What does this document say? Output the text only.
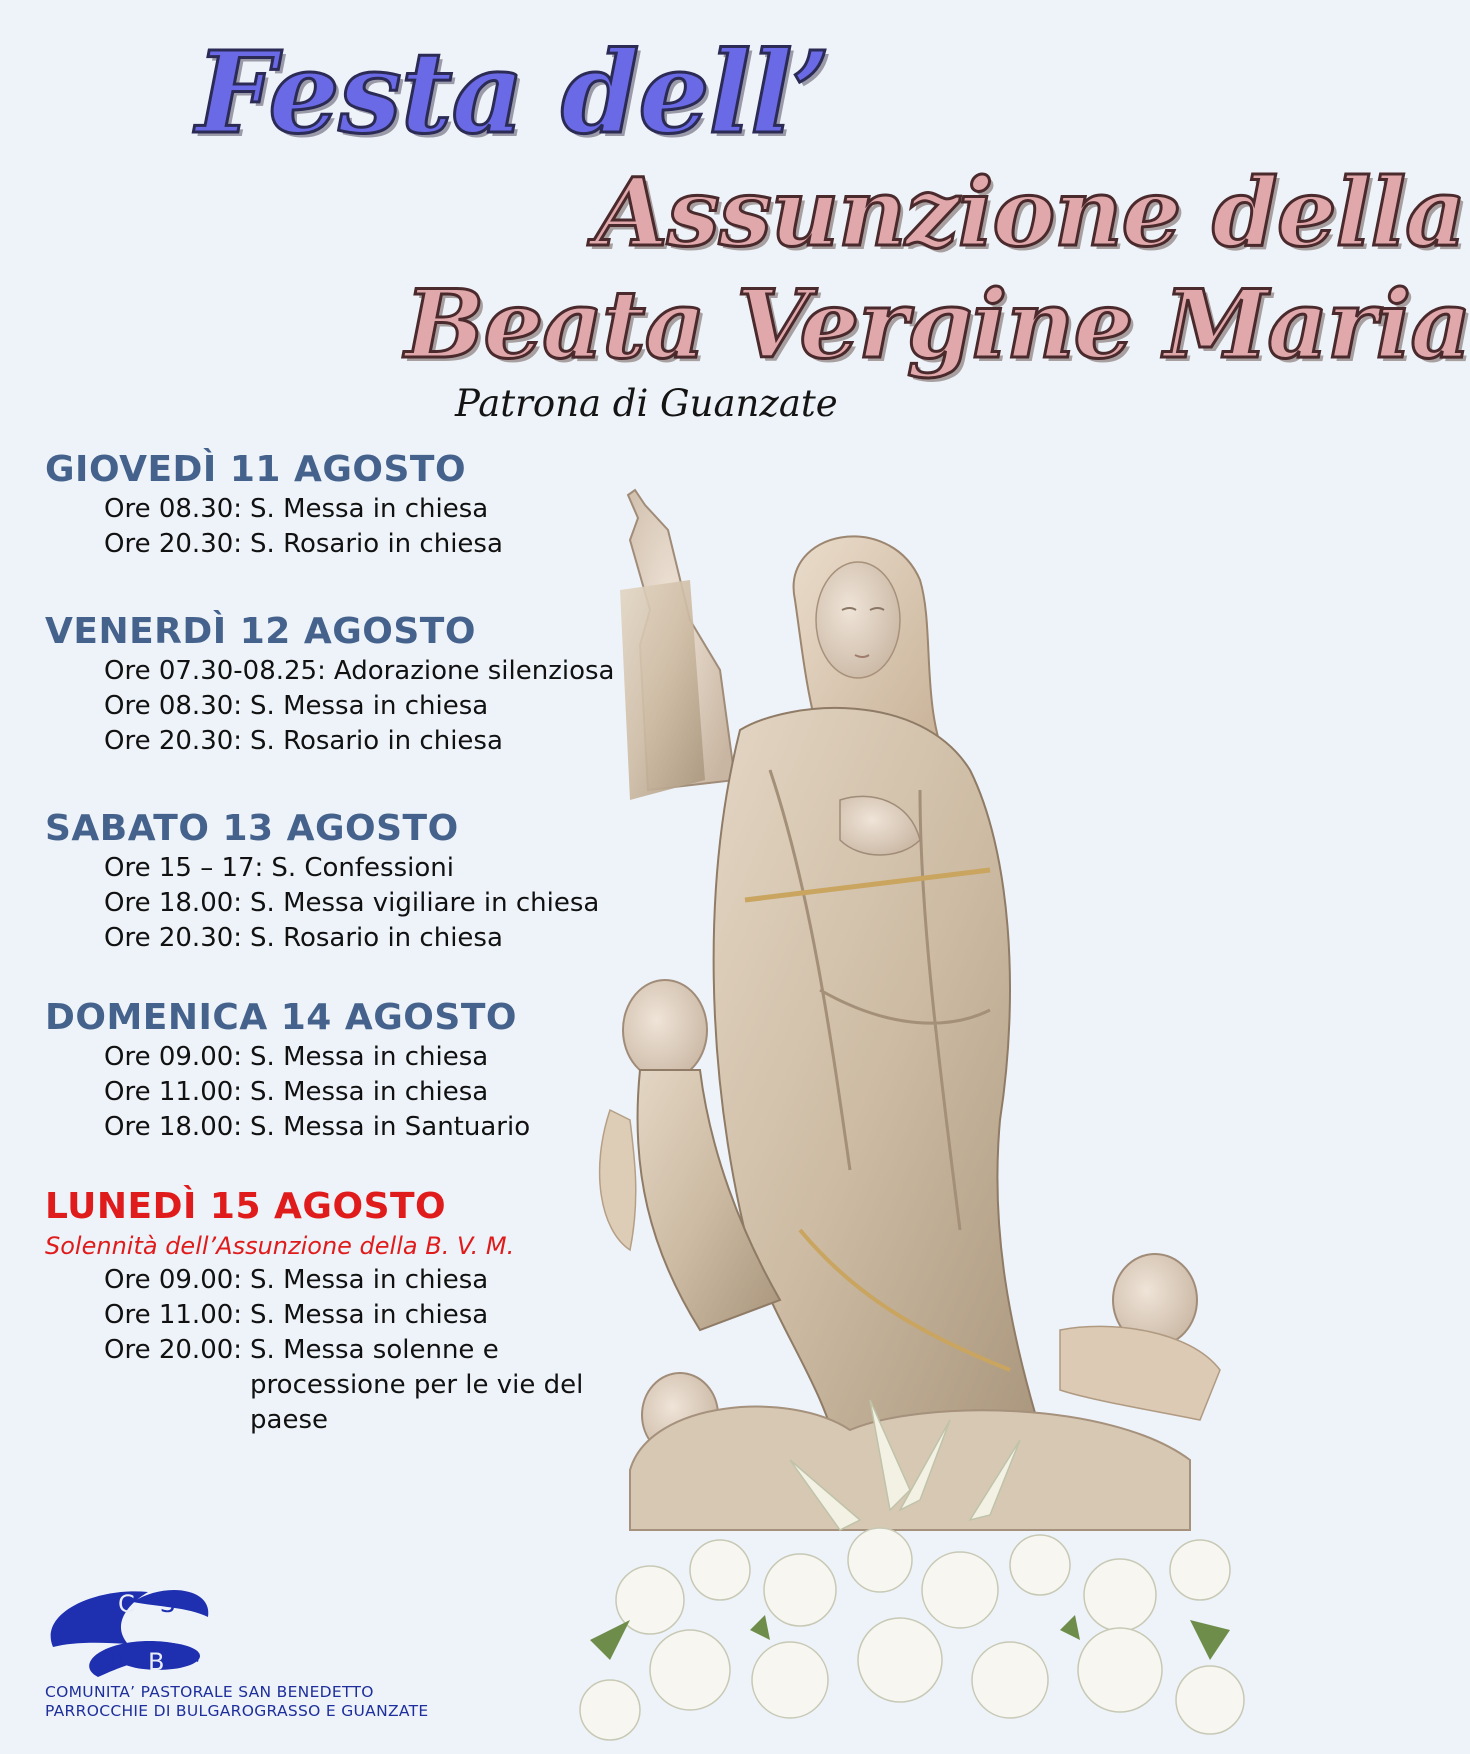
Festa dell’
Assunzione della
Beata Vergine Maria
Patrona di Guanzate
GIOVEDÌ 11 AGOSTO
Ore 08.30: S. Messa in chiesa
Ore 20.30: S. Rosario in chiesa
VENERDÌ 12 AGOSTO
Ore 07.30-08.25: Adorazione silenziosa
Ore 08.30: S. Messa in chiesa
Ore 20.30: S. Rosario in chiesa
SABATO 13 AGOSTO
Ore 15 – 17: S. Confessioni
Ore 18.00: S. Messa vigiliare in chiesa
Ore 20.30: S. Rosario in chiesa
DOMENICA 14 AGOSTO
Ore 09.00: S. Messa in chiesa
Ore 11.00: S. Messa in chiesa
Ore 18.00: S. Messa in Santuario
LUNEDÌ 15 AGOSTO
Solennità dell’Assunzione della B. V. M.
Ore 09.00: S. Messa in chiesa
Ore 11.00: S. Messa in chiesa
Ore 20.00: S. Messa solenne e processione per le vie del paese
C S
P B
COMUNITA’ PASTORALE SAN BENEDETTO
PARROCCHIE DI BULGAROGRASSO E GUANZATE
